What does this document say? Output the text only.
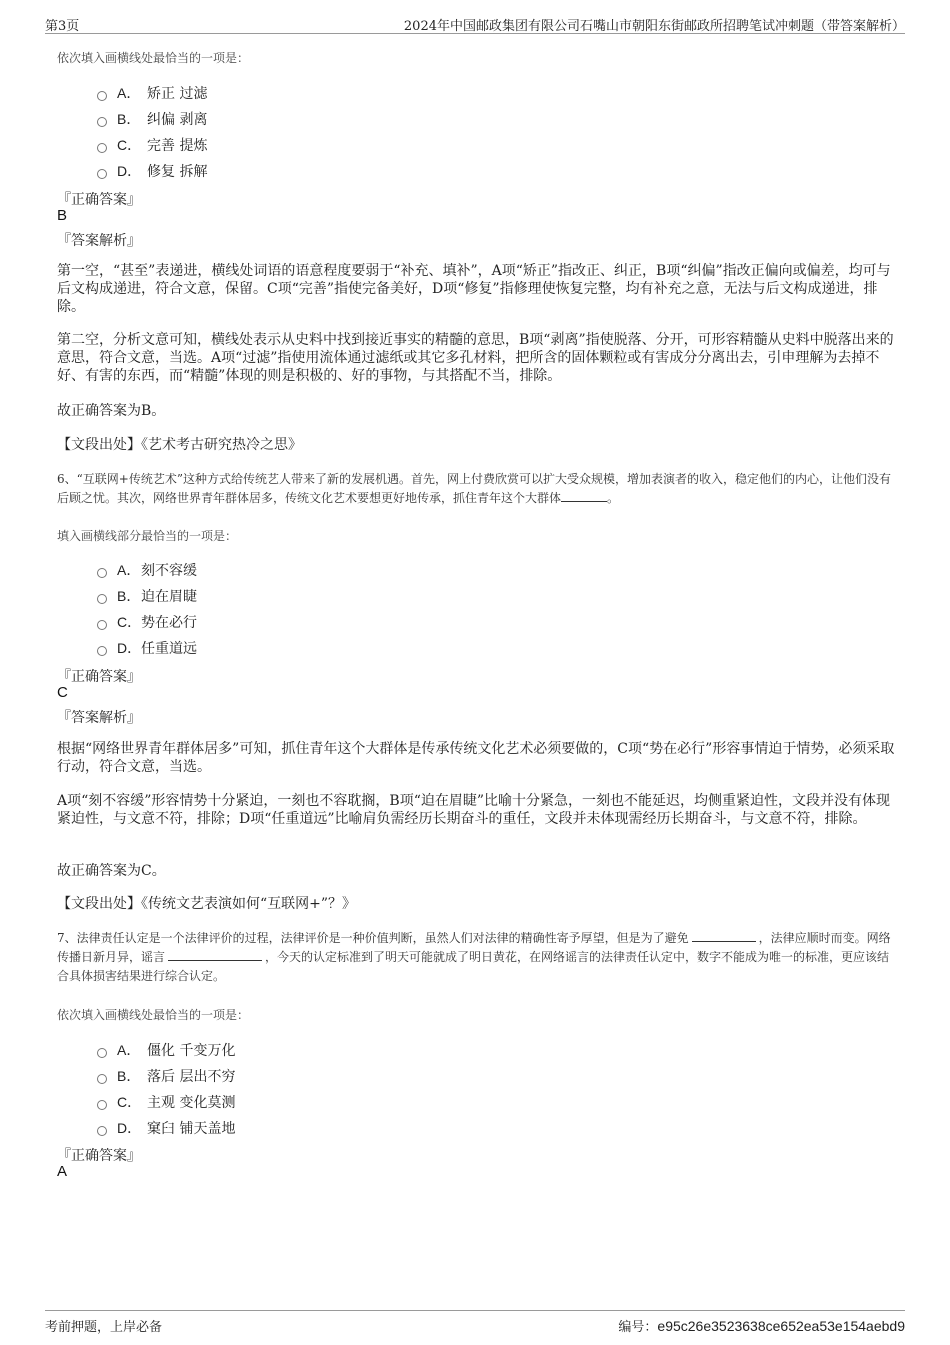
第3页	2024年中国邮政集团有限公司石嘴山市朝阳东街邮政所招聘笔试冲刺题（带答案解析）
依次填入画横线处最恰当的一项是：
A． 矫正 过滤
B． 纠偏 剥离
C． 完善 提炼
D． 修复 拆解
『正确答案』
B
『答案解析』
第一空，“甚至”表递进，横线处词语的语意程度要弱于“补充、填补”，A项“矫正”指改正、纠正，B项“纠偏”指改正偏向或偏差，均可与后文构成递进，符合文意，保留。C项“完善”指使完备美好，D项“修复”指修理使恢复完整，均有补充之意，无法与后文构成递进，排除。
第二空，分析文意可知，横线处表示从史料中找到接近事实的精髓的意思，B项“剥离”指使脱落、分开，可形容精髓从史料中脱落出来的意思，符合文意，当选。A项“过滤”指使用流体通过滤纸或其它多孔材料，把所含的固体颗粒或有害成分分离出去，引申理解为去掉不好、有害的东西，而“精髓”体现的则是积极的、好的事物，与其搭配不当，排除。
故正确答案为B。
【文段出处】《艺术考古研究热冷之思》
6、“互联网+传统艺术”这种方式给传统艺人带来了新的发展机遇。首先，网上付费欣赏可以扩大受众规模，增加表演者的收入，稳定他们的内心，让他们没有后顾之忧。其次，网络世界青年群体居多，传统文化艺术要想更好地传承，抓住青年这个大群体	。
填入画横线部分最恰当的一项是：
A．刻不容缓
B．迫在眉睫
C．势在必行
D．任重道远
『正确答案』
C
『答案解析』
根据“网络世界青年群体居多”可知，抓住青年这个大群体是传承传统文化艺术必须要做的，C项“势在必行”形容事情迫于情势，必须采取行动，符合文意，当选。
A项“刻不容缓”形容情势十分紧迫，一刻也不容耽搁，B项“迫在眉睫”比喻十分紧急，一刻也不能延迟，均侧重紧迫性，文段并没有体现紧迫性，与文意不符，排除；D项“任重道远”比喻肩负需经历长期奋斗的重任，文段并未体现需经历长期奋斗，与文意不符，排除。
故正确答案为C。
【文段出处】《传统文艺表演如何“互联网+”？》
7、法律责任认定是一个法律评价的过程，法律评价是一种价值判断，虽然人们对法律的精确性寄予厚望，但是为了避免	，法律应顺时而变。网络传播日新月异，谣言	，今天的认定标准到了明天可能就成了明日黄花，在网络谣言的法律责任认定中，数字不能成为唯一的标准，更应该结合具体损害结果进行综合认定。
依次填入画横线处最恰当的一项是：
A． 僵化 千变万化
B． 落后 层出不穷
C． 主观 变化莫测
D． 窠臼 铺天盖地
『正确答案』
A
考前押题，上岸必备	编号：e95c26e3523638ce652ea53e154aebd9
